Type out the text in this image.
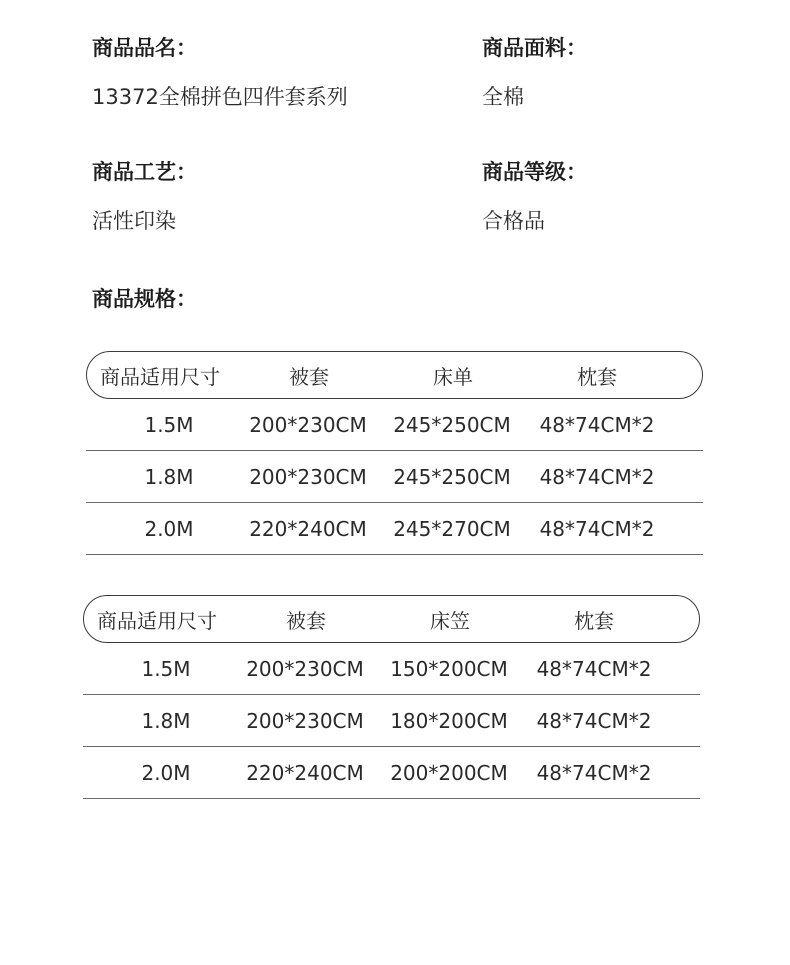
商品品名：
13372全棉拼色四件套系列
商品面料：
全棉
商品工艺：
活性印染
商品等级：
合格品
商品规格：
商品适用尺寸	被套	床单	枕套
1.5M	200*230CM	245*250CM	48*74CM*2
1.8M	200*230CM	245*250CM	48*74CM*2
2.0M	220*240CM	245*270CM	48*74CM*2
商品适用尺寸	被套	床笠	枕套
1.5M	200*230CM	150*200CM	48*74CM*2
1.8M	200*230CM	180*200CM	48*74CM*2
2.0M	220*240CM	200*200CM	48*74CM*2
